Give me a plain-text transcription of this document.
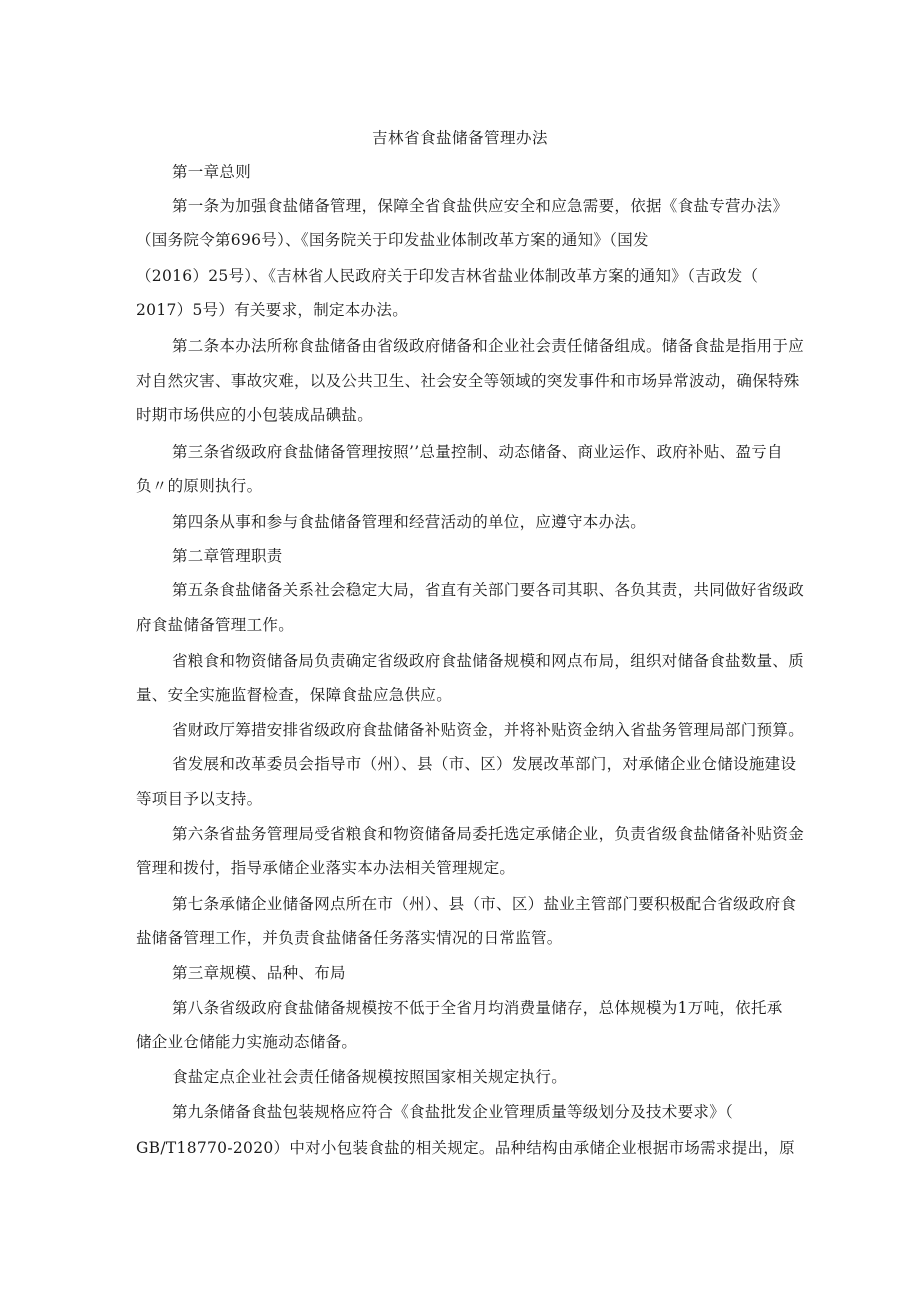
吉林省食盐储备管理办法
第一章总则
第一条为加强食盐储备管理，保障全省食盐供应安全和应急需要，依据《食盐专营办法》
（国务院令第696号）、《国务院关于印发盐业体制改革方案的通知》（国发
（2016）25号）、《吉林省人民政府关于印发吉林省盐业体制改革方案的通知》（吉政发（
2017）5号）有关要求，制定本办法。
第二条本办法所称食盐储备由省级政府储备和企业社会责任储备组成。储备食盐是指用于应
对自然灾害、事故灾难，以及公共卫生、社会安全等领域的突发事件和市场异常波动，确保特殊
时期市场供应的小包装成品碘盐。
第三条省级政府食盐储备管理按照’’总量控制、动态储备、商业运作、政府补贴、盈亏自
负〃的原则执行。
第四条从事和参与食盐储备管理和经营活动的单位，应遵守本办法。
第二章管理职责
第五条食盐储备关系社会稳定大局，省直有关部门要各司其职、各负其责，共同做好省级政
府食盐储备管理工作。
省粮食和物资储备局负责确定省级政府食盐储备规模和网点布局，组织对储备食盐数量、质
量、安全实施监督检查，保障食盐应急供应。
省财政厅筹措安排省级政府食盐储备补贴资金，并将补贴资金纳入省盐务管理局部门预算。
省发展和改革委员会指导市（州）、县（市、区）发展改革部门，对承储企业仓储设施建设
等项目予以支持。
第六条省盐务管理局受省粮食和物资储备局委托选定承储企业，负责省级食盐储备补贴资金
管理和拨付，指导承储企业落实本办法相关管理规定。
第七条承储企业储备网点所在市（州）、县（市、区）盐业主管部门要积极配合省级政府食
盐储备管理工作，并负责食盐储备任务落实情况的日常监管。
第三章规模、品种、布局
第八条省级政府食盐储备规模按不低于全省月均消费量储存，总体规模为1万吨，依托承
储企业仓储能力实施动态储备。
食盐定点企业社会责任储备规模按照国家相关规定执行。
第九条储备食盐包装规格应符合《食盐批发企业管理质量等级划分及技术要求》（
GB/T18770-2020）中对小包装食盐的相关规定。品种结构由承储企业根据市场需求提出，原
